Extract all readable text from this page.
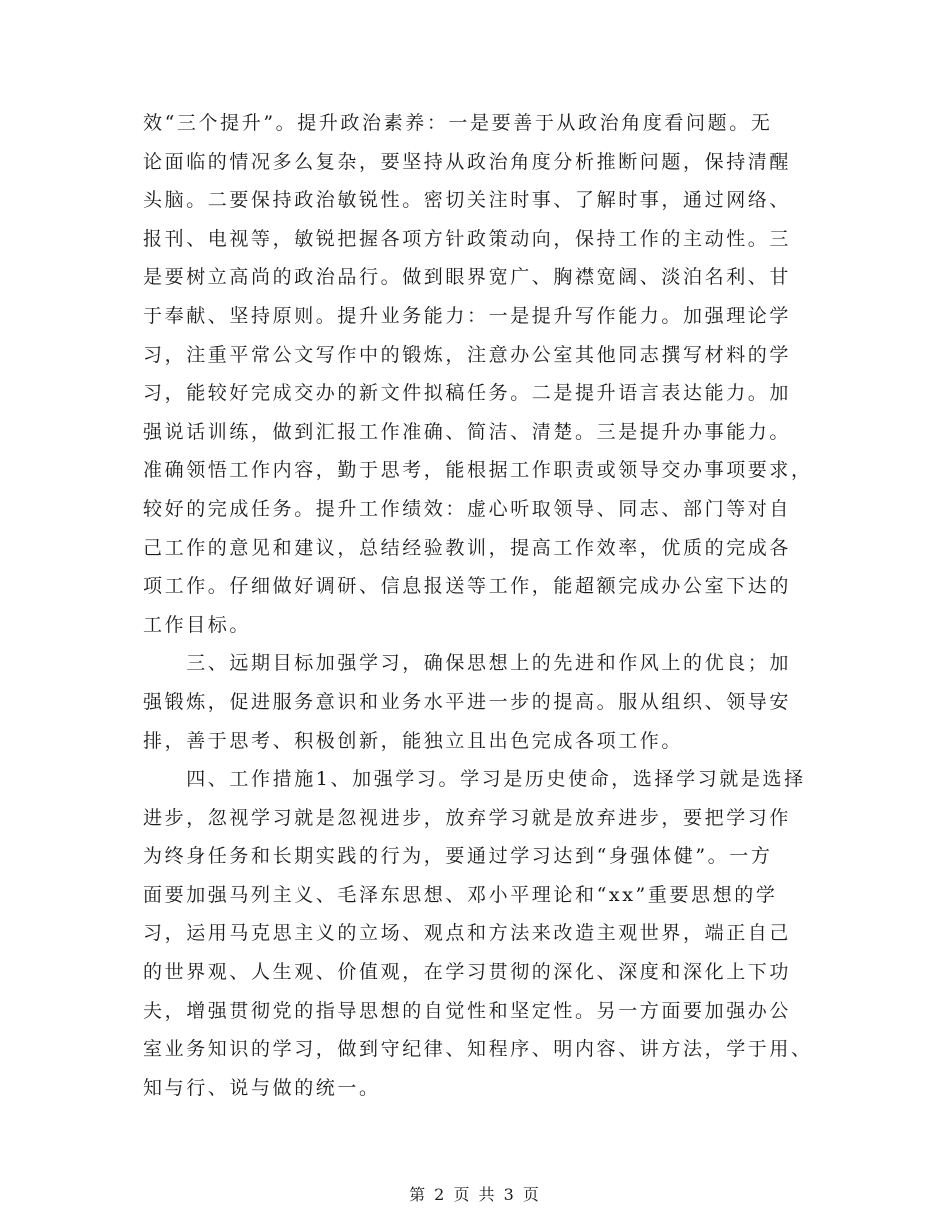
效“三个提升”。提升政治素养：一是要善于从政治角度看问题。无
论面临的情况多么复杂，要坚持从政治角度分析推断问题，保持清醒
头脑。二要保持政治敏锐性。密切关注时事、了解时事，通过网络、
报刊、电视等，敏锐把握各项方针政策动向，保持工作的主动性。三
是要树立高尚的政治品行。做到眼界宽广、胸襟宽阔、淡泊名利、甘
于奉献、坚持原则。提升业务能力：一是提升写作能力。加强理论学
习，注重平常公文写作中的锻炼，注意办公室其他同志撰写材料的学
习，能较好完成交办的新文件拟稿任务。二是提升语言表达能力。加
强说话训练，做到汇报工作准确、简洁、清楚。三是提升办事能力。
准确领悟工作内容，勤于思考，能根据工作职责或领导交办事项要求，
较好的完成任务。提升工作绩效：虚心听取领导、同志、部门等对自
己工作的意见和建议，总结经验教训，提高工作效率，优质的完成各
项工作。仔细做好调研、信息报送等工作，能超额完成办公室下达的
工作目标。
　　三、远期目标加强学习，确保思想上的先进和作风上的优良；加
强锻炼，促进服务意识和业务水平进一步的提高。服从组织、领导安
排，善于思考、积极创新，能独立且出色完成各项工作。
　　四、工作措施1、加强学习。学习是历史使命，选择学习就是选择
进步，忽视学习就是忽视进步，放弃学习就是放弃进步，要把学习作
为终身任务和长期实践的行为，要通过学习达到“身强体健”。一方
面要加强马列主义、毛泽东思想、邓小平理论和“xx”重要思想的学
习，运用马克思主义的立场、观点和方法来改造主观世界，端正自己
的世界观、人生观、价值观，在学习贯彻的深化、深度和深化上下功
夫，增强贯彻党的指导思想的自觉性和坚定性。另一方面要加强办公
室业务知识的学习，做到守纪律、知程序、明内容、讲方法，学于用、
知与行、说与做的统一。
第 2 页 共 3 页
